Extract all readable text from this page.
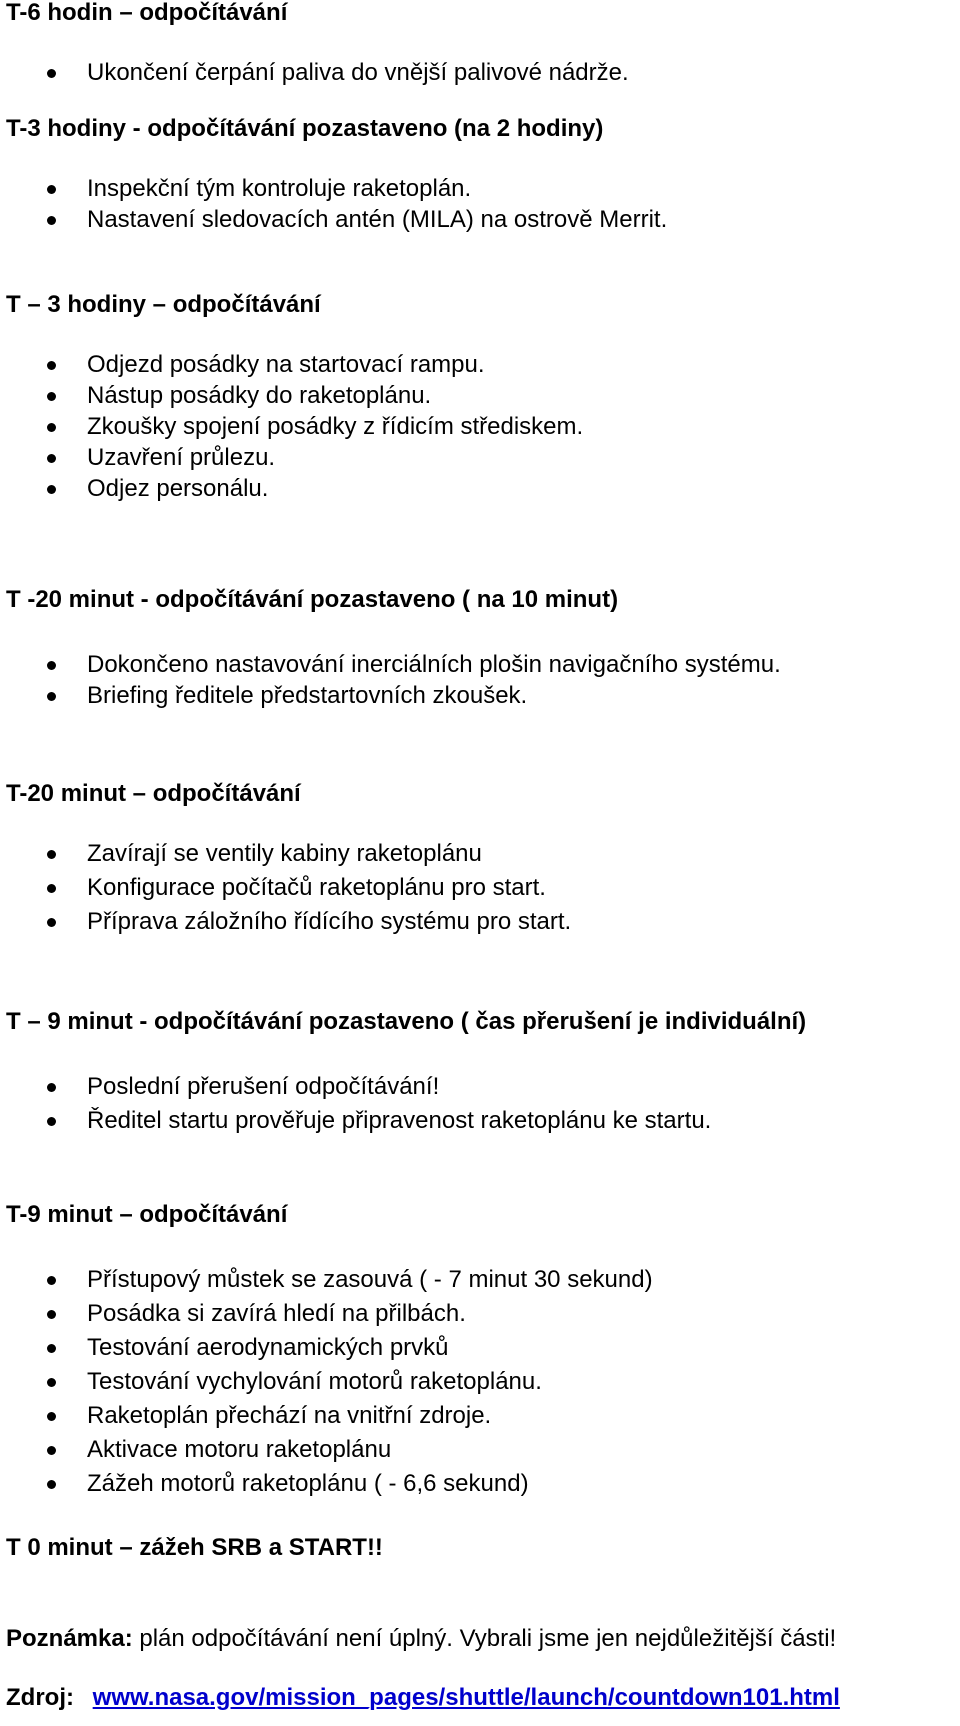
T-6 hodin – odpočítávání
Ukončení čerpání paliva do vnější palivové nádrže.
T-3 hodiny - odpočítávání pozastaveno (na 2 hodiny)
Inspekční tým kontroluje raketoplán.
Nastavení sledovacích antén (MILA) na ostrově Merrit.
T – 3 hodiny – odpočítávání
Odjezd posádky na startovací rampu.
Nástup posádky do raketoplánu.
Zkoušky spojení posádky z řídicím střediskem.
Uzavření průlezu.
Odjez personálu.
T -20 minut - odpočítávání pozastaveno ( na 10 minut)
Dokončeno nastavování inerciálních plošin navigačního systému.
Briefing ředitele předstartovních zkoušek.
T-20 minut – odpočítávání
Zavírají se ventily kabiny raketoplánu
Konfigurace počítačů raketoplánu pro start.
Příprava záložního řídícího systému pro start.
T – 9 minut - odpočítávání pozastaveno ( čas přerušení je individuální)
Poslední přerušení odpočítávání!
Ředitel startu prověřuje připravenost raketoplánu ke startu.
T-9 minut – odpočítávání
Přístupový můstek se zasouvá ( - 7 minut 30 sekund)
Posádka si zavírá hledí na přilbách.
Testování aerodynamických prvků
Testování vychylování motorů raketoplánu.
Raketoplán přechází na vnitřní zdroje.
Aktivace motoru raketoplánu
Zážeh motorů raketoplánu ( - 6,6 sekund)
T 0 minut – zážeh SRB a START!!
Poznámka: plán odpočítávání není úplný. Vybrali jsme jen nejdůležitější části!
Zdroj: www.nasa.gov/mission_pages/shuttle/launch/countdown101.html
